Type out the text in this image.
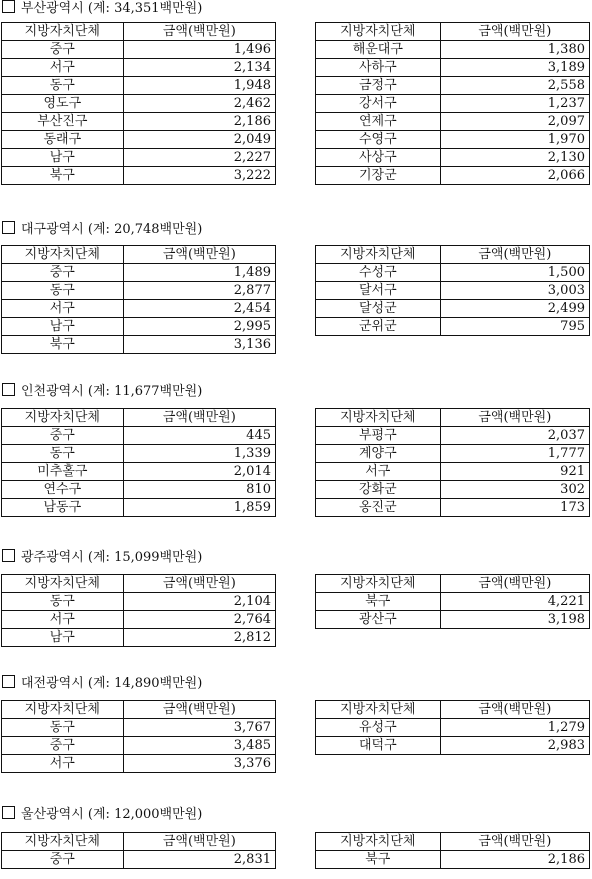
부산광역시 (계: 34,351백만원)
지방자치단체	금액(백만원)
중구	1,496
서구	2,134
동구	1,948
영도구	2,462
부산진구	2,186
동래구	2,049
남구	2,227
북구	3,222
지방자치단체	금액(백만원)
해운대구	1,380
사하구	3,189
금정구	2,558
강서구	1,237
연제구	2,097
수영구	1,970
사상구	2,130
기장군	2,066
대구광역시 (계: 20,748백만원)
지방자치단체	금액(백만원)
중구	1,489
동구	2,877
서구	2,454
남구	2,995
북구	3,136
지방자치단체	금액(백만원)
수성구	1,500
달서구	3,003
달성군	2,499
군위군	795
인천광역시 (계: 11,677백만원)
지방자치단체	금액(백만원)
중구	445
동구	1,339
미추홀구	2,014
연수구	810
남동구	1,859
지방자치단체	금액(백만원)
부평구	2,037
계양구	1,777
서구	921
강화군	302
옹진군	173
광주광역시 (계: 15,099백만원)
지방자치단체	금액(백만원)
동구	2,104
서구	2,764
남구	2,812
지방자치단체	금액(백만원)
북구	4,221
광산구	3,198
대전광역시 (계: 14,890백만원)
지방자치단체	금액(백만원)
동구	3,767
중구	3,485
서구	3,376
지방자치단체	금액(백만원)
유성구	1,279
대덕구	2,983
울산광역시 (계: 12,000백만원)
지방자치단체	금액(백만원)
중구	2,831
지방자치단체	금액(백만원)
북구	2,186
